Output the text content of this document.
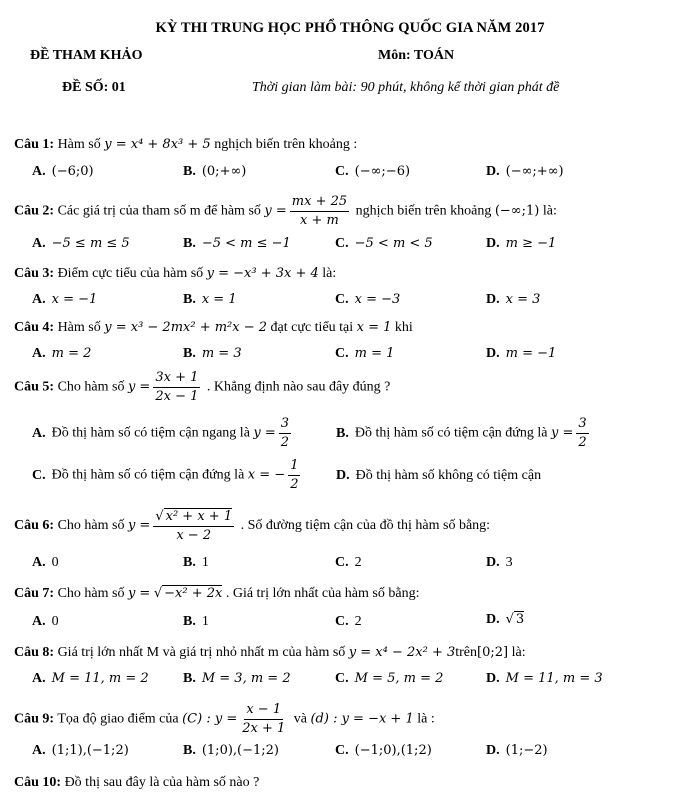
KỲ THI TRUNG HỌC PHỔ THÔNG QUỐC GIA NĂM 2017
ĐỀ THAM KHẢO	Môn: TOÁN
ĐỀ SỐ: 01	Thời gian làm bài: 90 phút, không kể thời gian phát đề
Câu 1: Hàm số y = x⁴ + 8x³ + 5 nghịch biến trên khoảng :
A. (−6;0)	B. (0;+∞)	C. (−∞;−6)	D. (−∞;+∞)
Câu 2: Các giá trị của tham số m để hàm số $y = \frac{mx + 25}{x + m}$ nghịch biến trên khoảng (−∞;1) là:
A. −5 ≤ m ≤ 5	B. −5 < m ≤ −1	C. −5 < m < 5	D. m ≥ −1
Câu 3: Điểm cực tiểu của hàm số y = −x³ + 3x + 4 là:
A. x = −1	B. x = 1	C. x = −3	D. x = 3
Câu 4: Hàm số y = x³ − 2mx² + m²x − 2 đạt cực tiểu tại x = 1 khi
A. m = 2	B. m = 3	C. m = 1	D. m = −1
Câu 5: Cho hàm số $y = \frac{3x + 1}{2x - 1}$ . Khẳng định nào sau đây đúng ?
A. Đồ thị hàm số có tiệm cận ngang là $y = \frac{3}{2}$	B. Đồ thị hàm số có tiệm cận đứng là $y = \frac{3}{2}$
C. Đồ thị hàm số có tiệm cận đứng là x = − $\frac{1}{2}$	D. Đồ thị hàm số không có tiệm cận
Câu 6: Cho hàm số $y = \frac{\text{√ x² + x + 1}}{x - 2}$ . Số đường tiệm cận của đồ thị hàm số bằng:
A. 0	B. 1	C. 2	D. 3
Câu 7: Cho hàm số y = √ −x² + 2x . Giá trị lớn nhất của hàm số bằng:
A. 0	B. 1	C. 2	D. √ 3
Câu 8: Giá trị lớn nhất M và giá trị nhỏ nhất m của hàm số y = x⁴ − 2x² + 3trên[0;2] là:
A. M = 11, m = 2 B. M = 3, m = 2	C. M = 5, m = 2	D. M = 11, m = 3
Câu 9: Tọa độ giao điểm của (C) : $y = \frac{x - 1}{2x + 1}$ và (d) : y = −x + 1 là :
A. (1;1),(−1;2)	B. (1;0),(−1;2)	C. (−1;0),(1;2)	D. (1;−2)
Câu 10: Đồ thị sau đây là của hàm số nào ?
